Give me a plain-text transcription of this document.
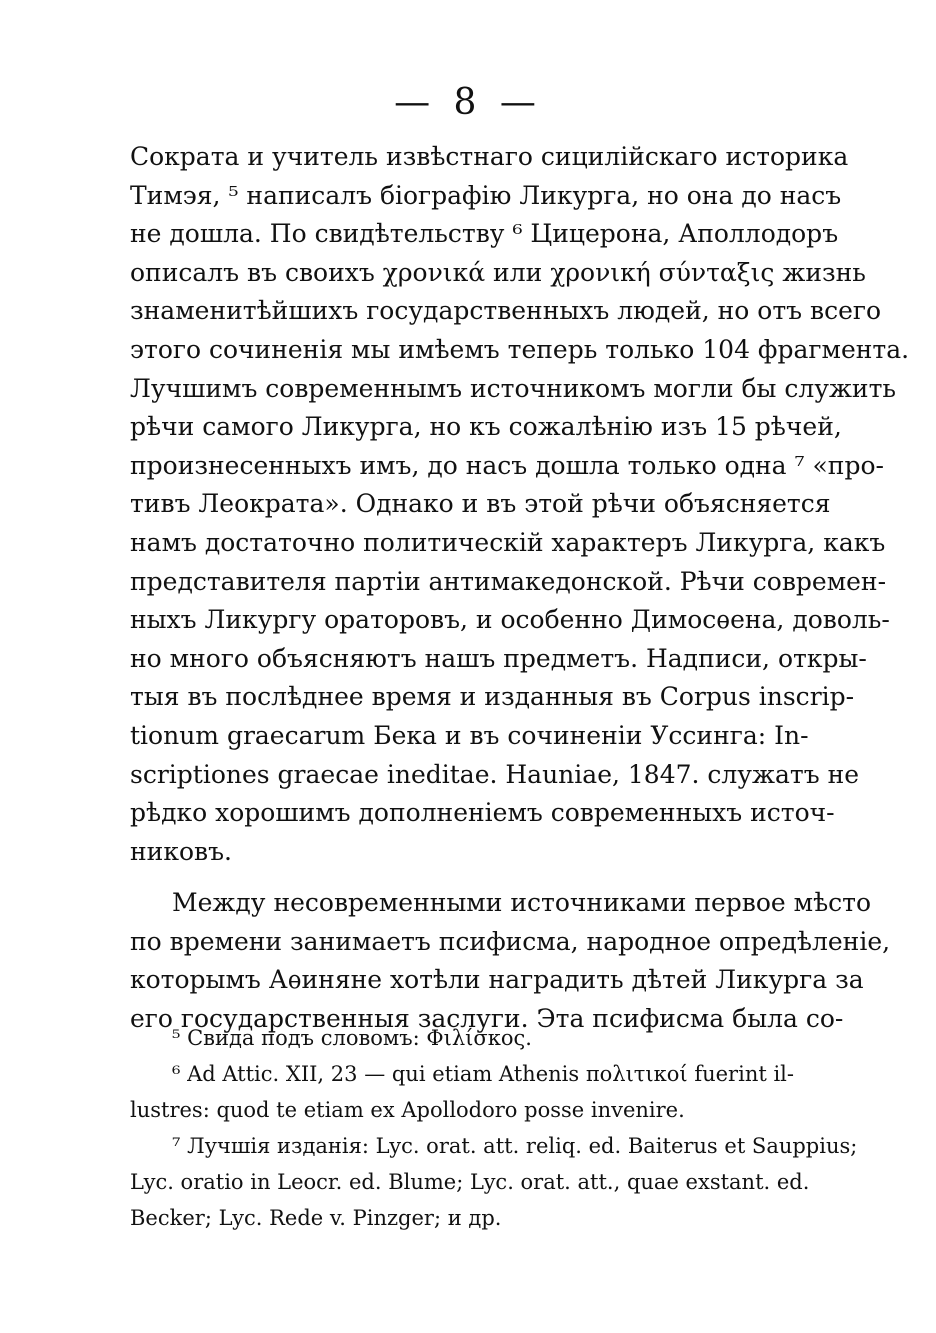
— 8 —
Сократа и учитель извѣстнаго сицилійскаго историка
Тимэя, ⁵ написалъ біографію Ликурга, но она до насъ
не дошла. По свидѣтельству ⁶ Цицерона, Аполлодоръ
описалъ въ своихъ χρονικά или χρονική σύνταξις жизнь
знаменитѣйшихъ государственныхъ людей, но отъ всего
этого сочиненія мы имѣемъ теперь только 104 фрагмента.
Лучшимъ современнымъ источникомъ могли бы служить
рѣчи самого Ликурга, но къ сожалѣнію изъ 15 рѣчей,
произнесенныхъ имъ, до насъ дошла только одна ⁷ «про-
тивъ Леократа». Однако и въ этой рѣчи объясняется
намъ достаточно политическій характеръ Ликурга, какъ
представителя партіи антимакедонской. Рѣчи современ-
ныхъ Ликургу ораторовъ, и особенно Димосѳена, доволь-
но много объясняютъ нашъ предметъ. Надписи, откры-
тыя въ послѣднее время и изданныя въ Corpus inscrip-
tionum graecarum Бека и въ сочиненіи Уссинга: In-
scriptiones graecae ineditae. Hauniae, 1847. служатъ не
рѣдко хорошимъ дополненіемъ современныхъ источ-
никовъ.
Между несовременными источниками первое мѣсто
по времени занимаетъ псифисма, народное опредѣленіе,
которымъ Аѳиняне хотѣли наградить дѣтей Ликурга за
его государственныя заслуги. Эта псифисма была со-
⁵ Свида подъ словомъ: Φιλίσκος.
⁶ Ad Attic. XII, 23 — qui etiam Athenis πολιτικοί fuerint il-
lustres: quod te etiam ex Apollodoro posse invenire.
⁷ Лучшія изданія: Lyc. orat. att. reliq. ed. Baiterus et Sauppius;
Lyc. oratio in Leocr. ed. Blume; Lyc. orat. att., quae exstant. ed.
Becker; Lyc. Rede v. Pinzger; и др.
